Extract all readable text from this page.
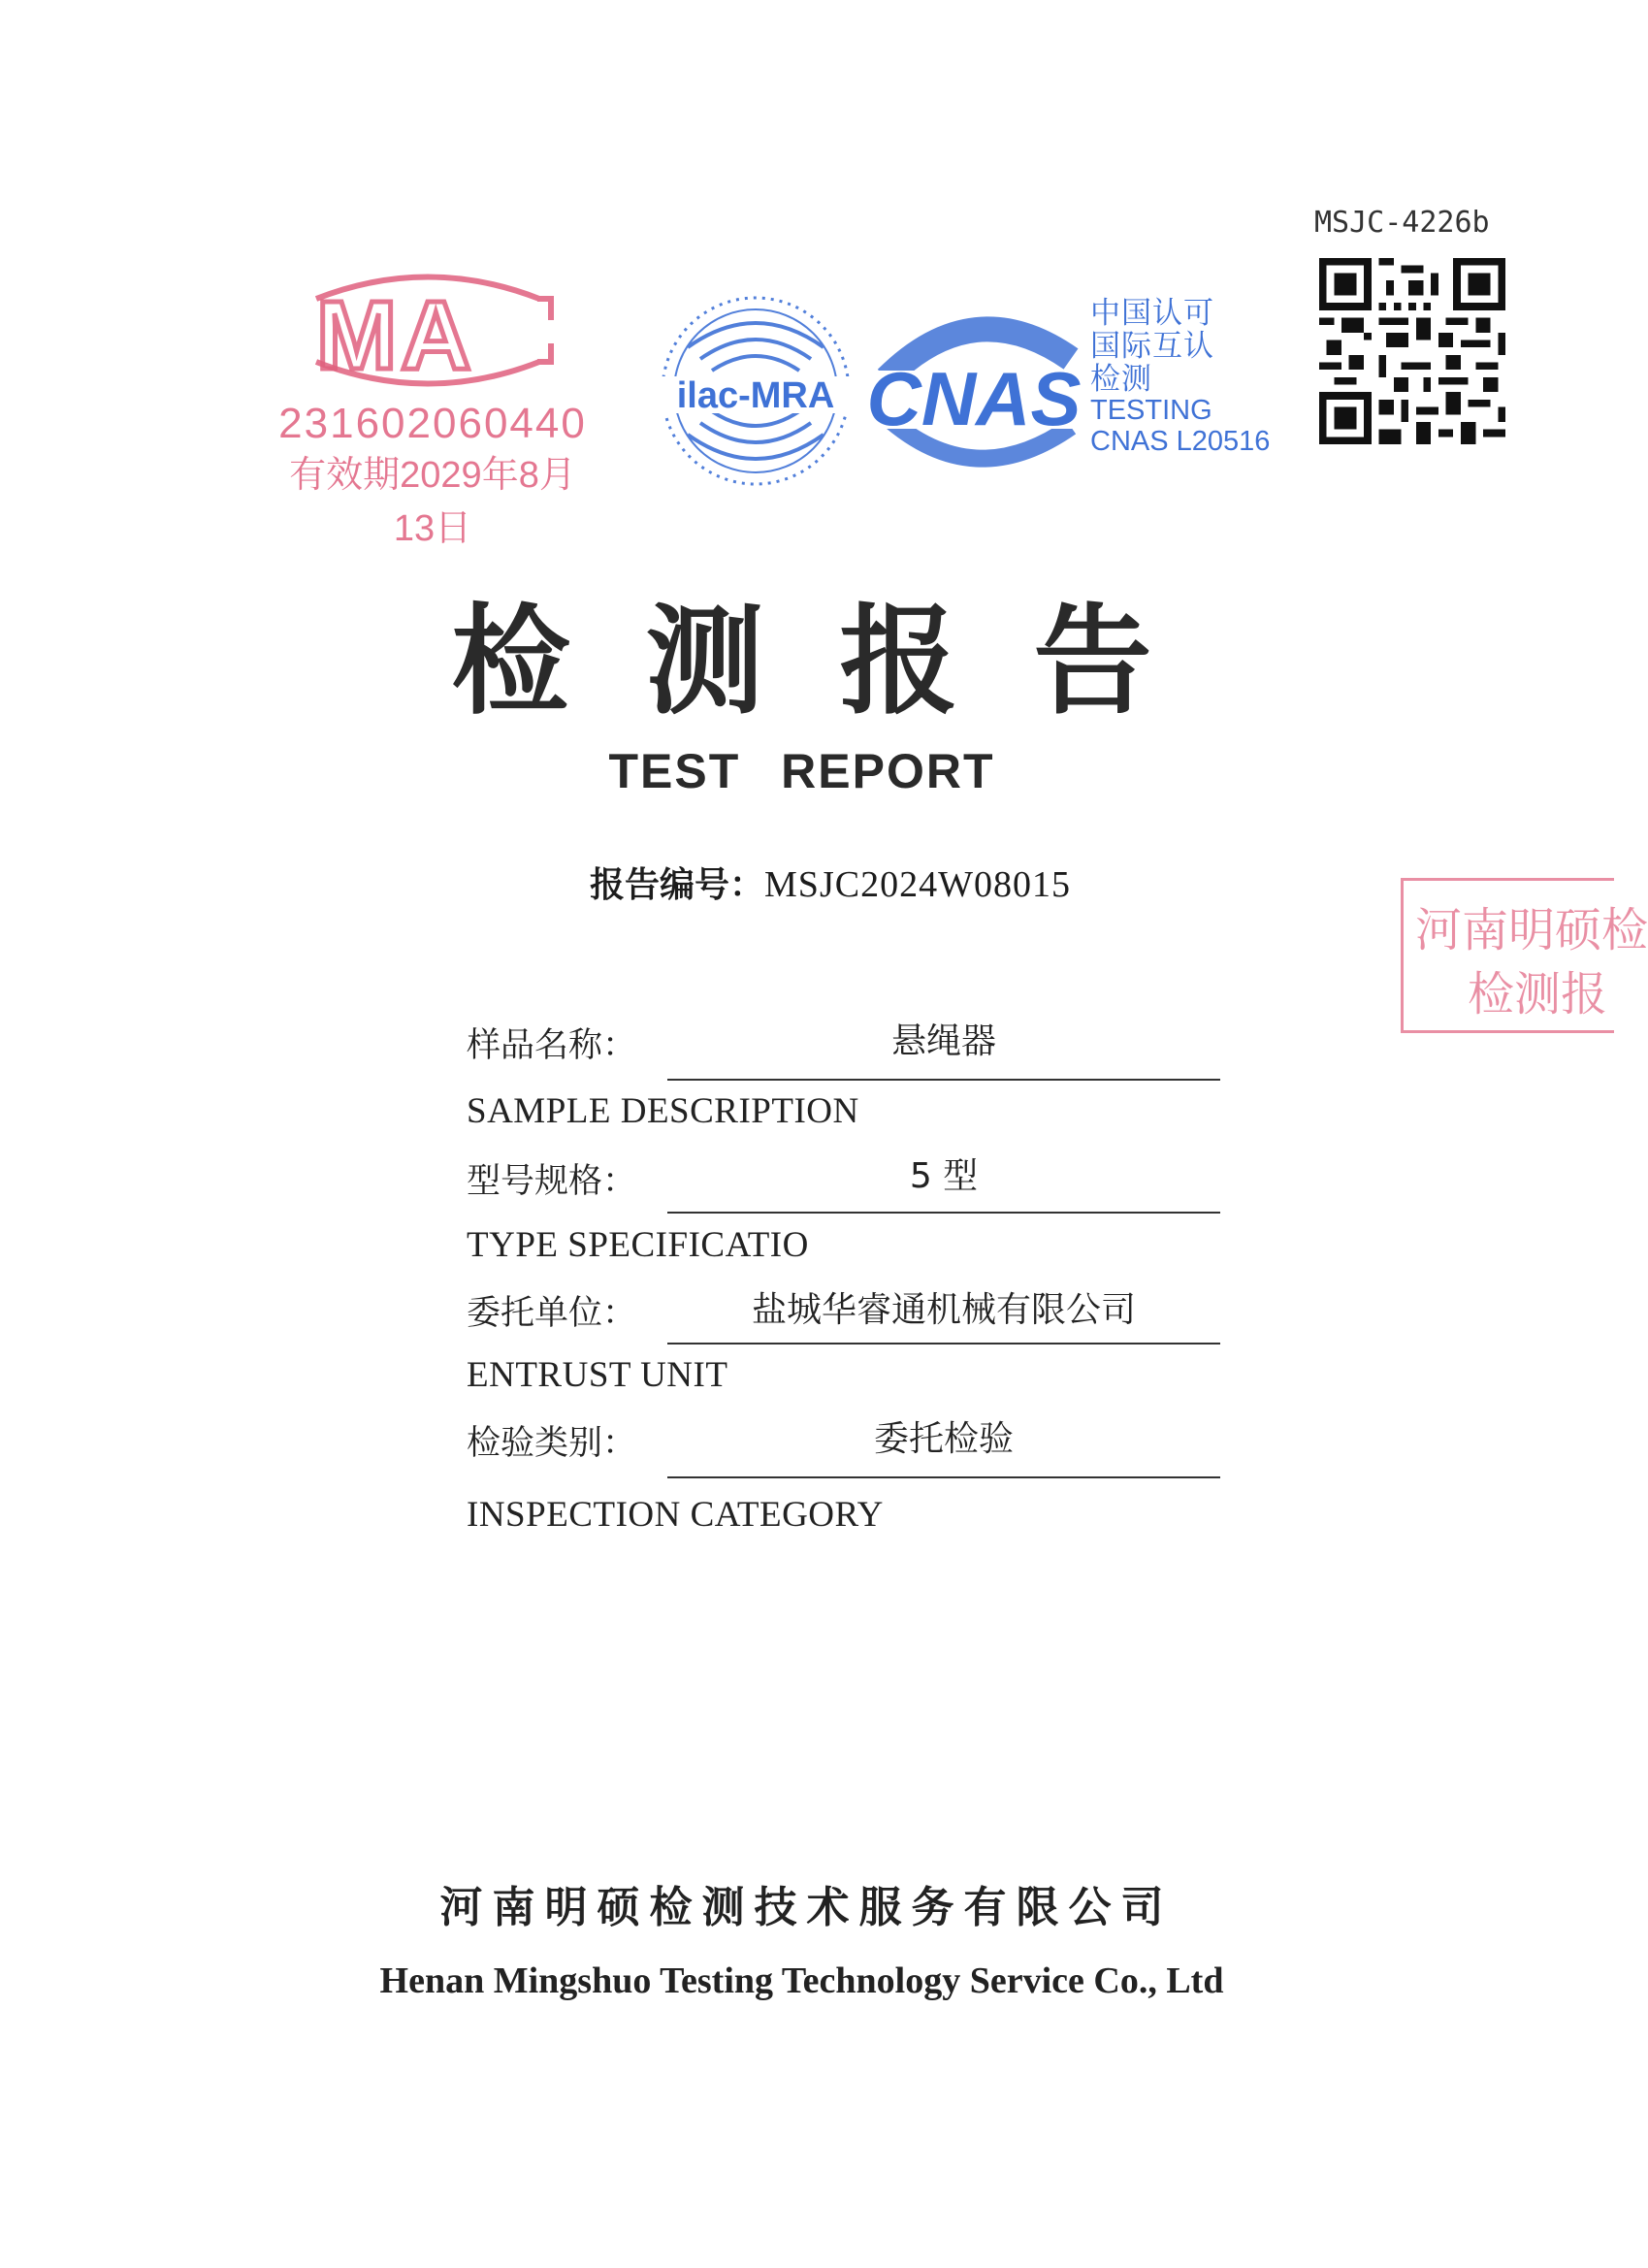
MA
231602060440
有效期2029年8月13日
ilac-MRA CNAS
中国认可
国际互认
检测
TESTING
CNAS L20516
MSJC-4226b
检测报告
TEST REPORT
报告编号：MSJC2024W08015
河南明硕检
检测报
样品名称：	悬绳器
SAMPLE DESCRIPTION
型号规格：	5 型
TYPE SPECIFICATIO
委托单位：	盐城华睿通机械有限公司
ENTRUST UNIT
检验类别：	委托检验
INSPECTION CATEGORY
河南明硕检测技术服务有限公司
Henan Mingshuo Testing Technology Service Co., Ltd
